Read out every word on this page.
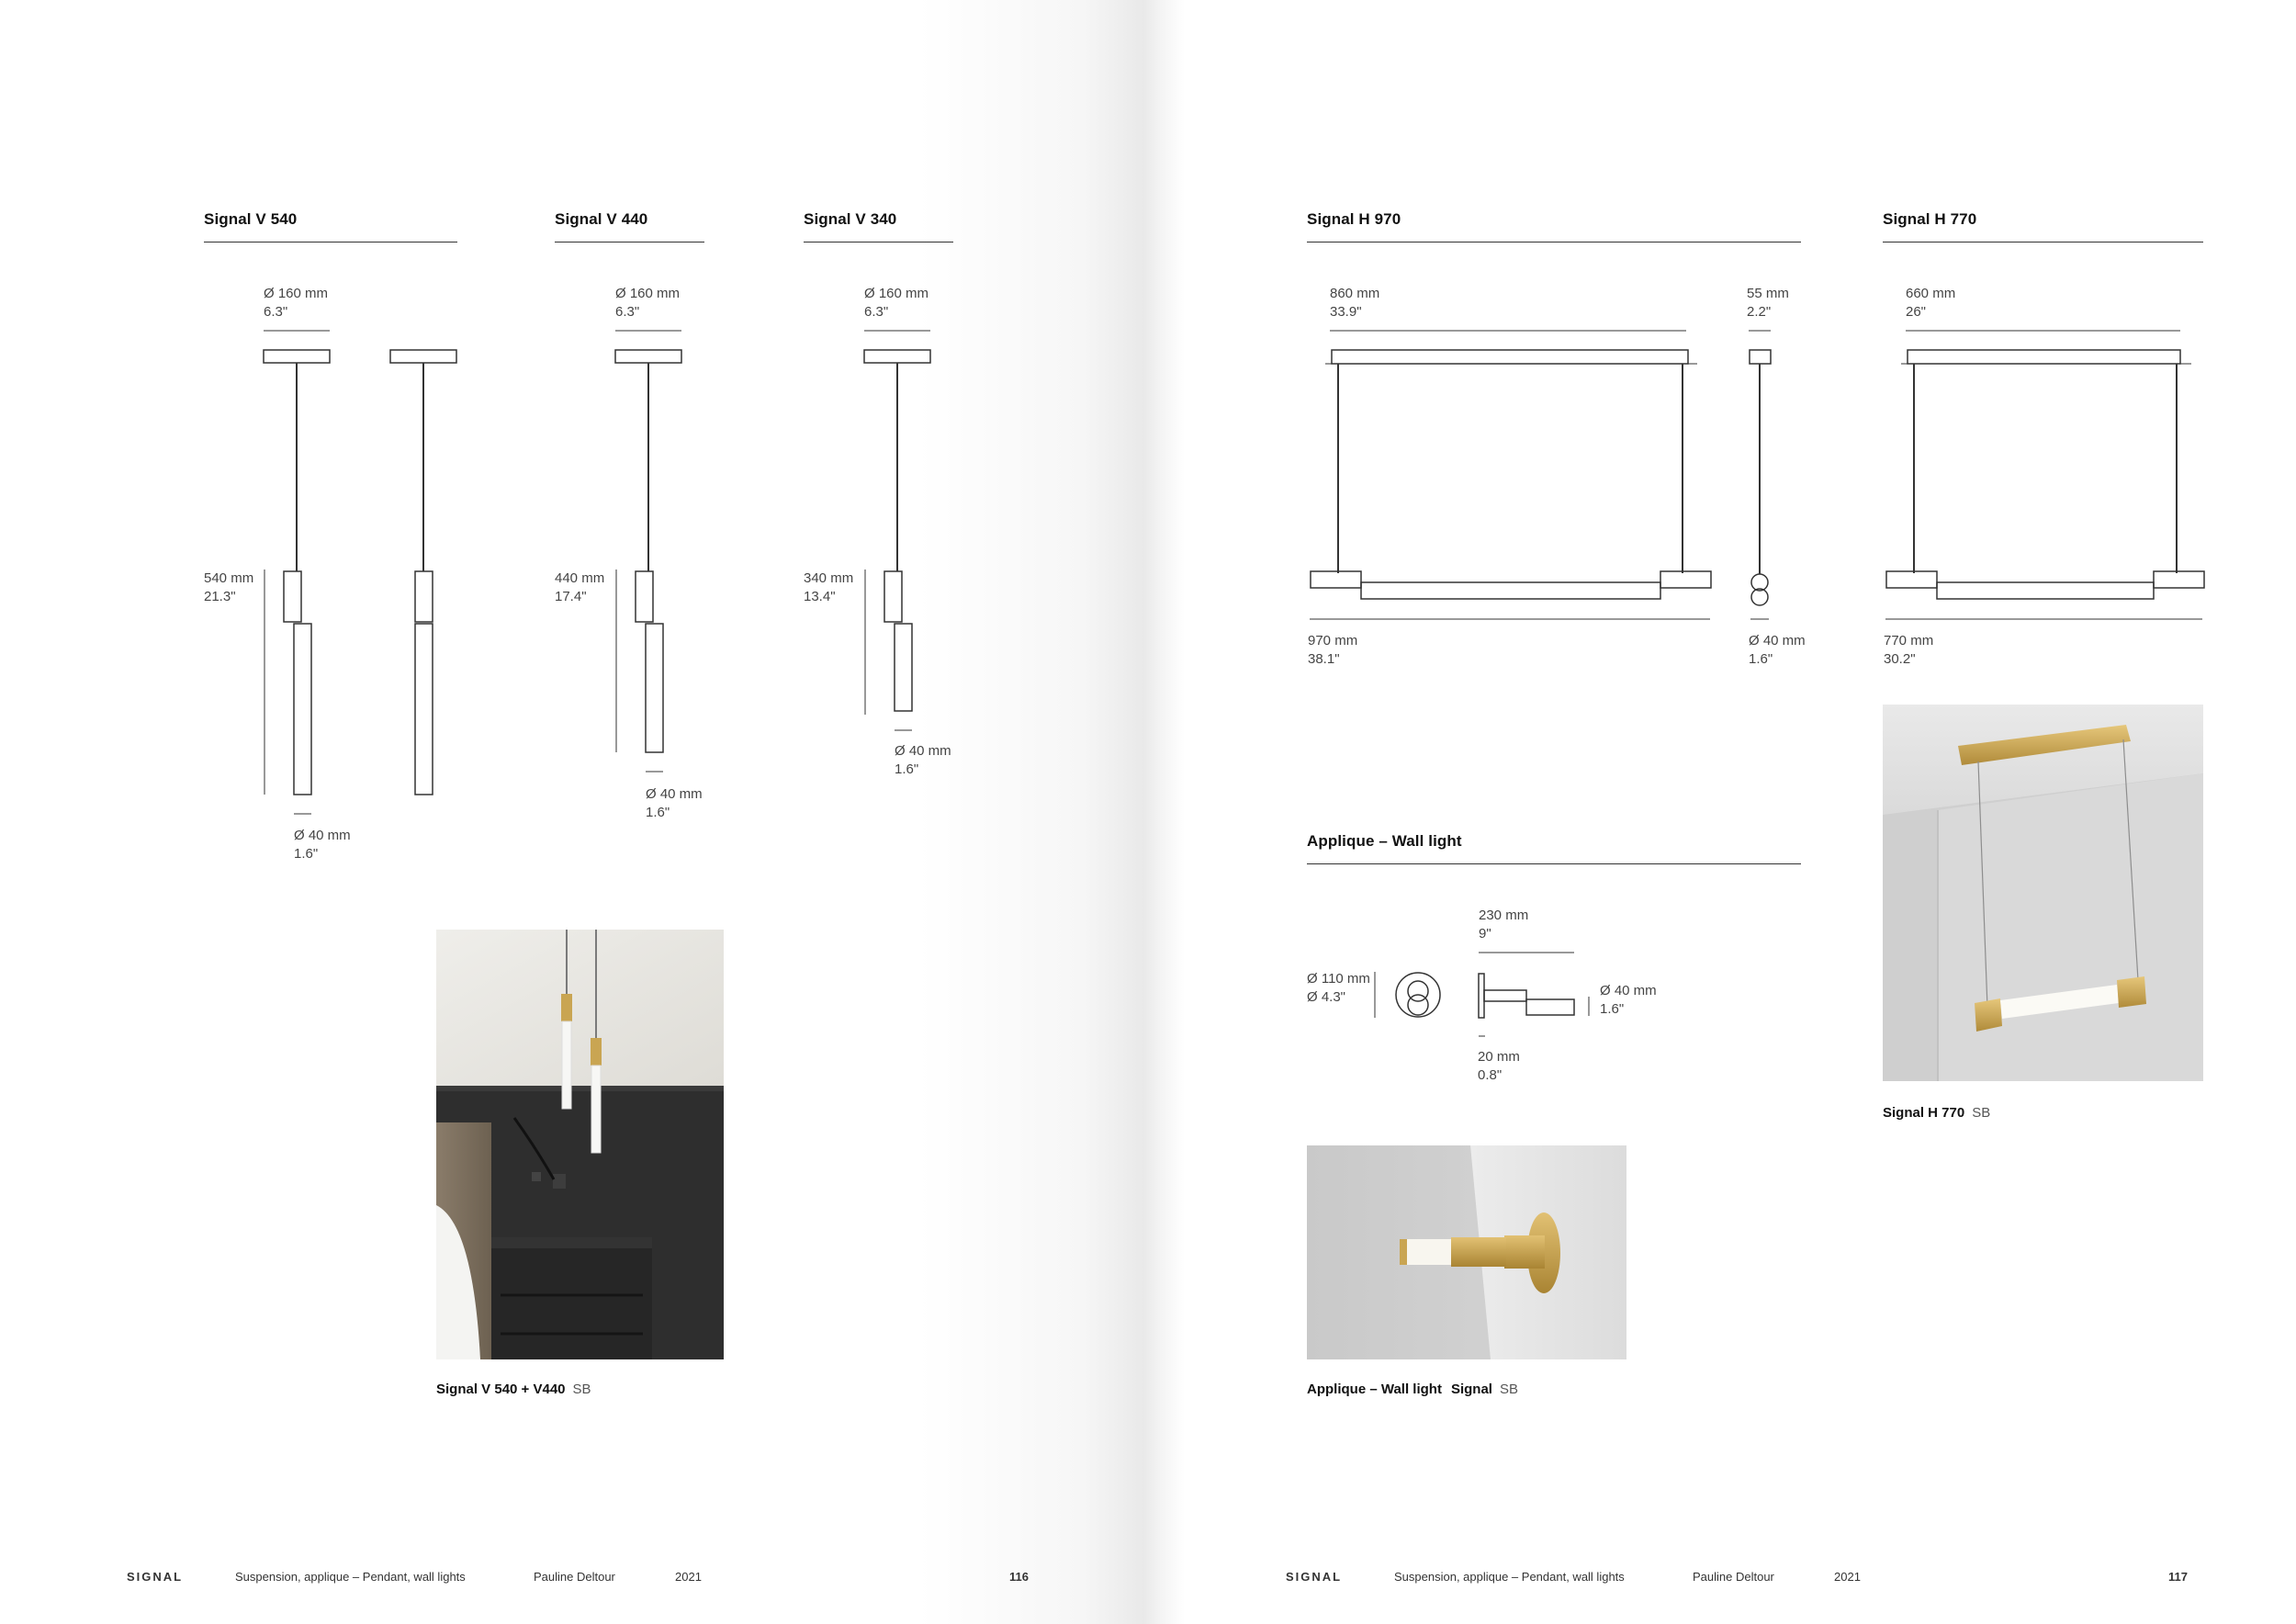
Signal V 540	Signal V 440	Signal V 340
Ø 160 mm
6.3"
540 mm
21.3"
Ø 40 mm
1.6"
Ø 160 mm
6.3"
440 mm
17.4"
Ø 40 mm
1.6"
Ø 160 mm
6.3"
340 mm
13.4"
Ø 40 mm
1.6"
Signal V 540 + V440 SB
SIGNAL	Suspension, applique – Pendant, wall lights	Pauline Deltour	2021	116
Signal H 970	Signal H 770
860 mm
33.9"
55 mm
2.2"
970 mm
38.1"
Ø 40 mm
1.6"
660 mm
26"
770 mm
30.2"
Applique – Wall light
Ø 110 mm
Ø 4.3"
230 mm
9"
Ø 40 mm
1.6"
20 mm
0.8"
Applique – Wall light Signal SB
Signal H 770 SB
SIGNAL	Suspension, applique – Pendant, wall lights	Pauline Deltour	2021	117
